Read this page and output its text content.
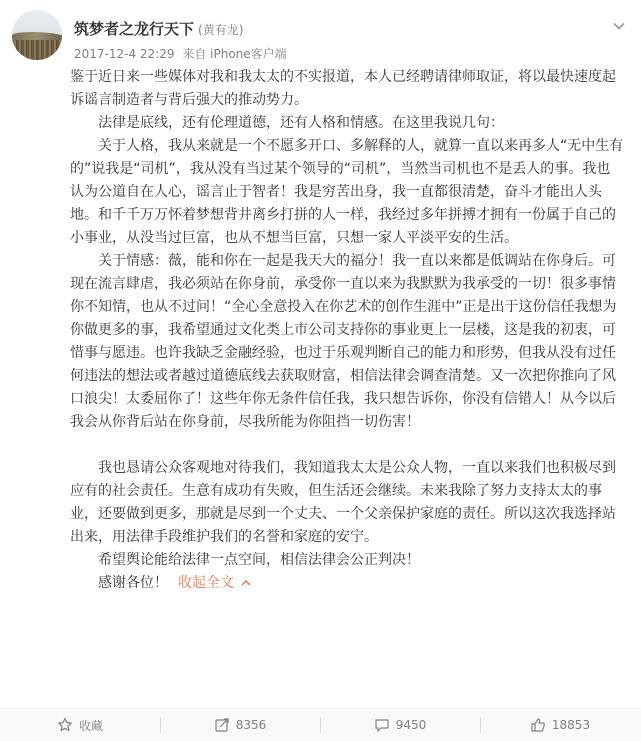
筑梦者之龙行天下 (黄有龙)
2017-12-4 22:29 来自 iPhone客户端

鉴于近日来一些媒体对我和我太太的不实报道，本人已经聘请律师取证，将以最快速度起诉谣言制造者与背后强大的推动势力。

法律是底线，还有伦理道德，还有人格和情感。在这里我说几句：

关于人格，我从来就是一个不愿多开口、多解释的人，就算一直以来再多人“无中生有的”说我是“司机”，我从没有当过某个领导的“司机”，当然当司机也不是丢人的事。我也认为公道自在人心，谣言止于智者！我是穷苦出身，我一直都很清楚，奋斗才能出人头地。和千千万万怀着梦想背井离乡打拼的人一样，我经过多年拼搏才拥有一份属于自己的小事业，从没当过巨富，也从不想当巨富，只想一家人平淡平安的生活。

关于情感：薇，能和你在一起是我天大的福分！我一直以来都是低调站在你身后。可现在流言肆虐，我必须站在你身前，承受你一直以来为我默默为我承受的一切！很多事情你不知情，也从不过问！“全心全意投入在你艺术的创作生涯中”正是出于这份信任我想为你做更多的事，我希望通过文化类上市公司支持你的事业更上一层楼，这是我的初衷，可惜事与愿违。也许我缺乏金融经验，也过于乐观判断自己的能力和形势，但我从没有过任何违法的想法或者越过道德底线去获取财富，相信法律会调查清楚。又一次把你推向了风口浪尖！太委屈你了！这些年你无条件信任我，我只想告诉你，你没有信错人！从今以后我会从你背后站在你身前，尽我所能为你阻挡一切伤害！

我也恳请公众客观地对待我们，我知道我太太是公众人物，一直以来我们也积极尽到应有的社会责任。生意有成功有失败，但生活还会继续。未来我除了努力支持太太的事业，还要做到更多，那就是尽到一个丈夫、一个父亲保护家庭的责任。所以这次我选择站出来，用法律手段维护我们的名誉和家庭的安宁。

希望舆论能给法律一点空间，相信法律会公正判决！

感谢各位！ 收起全文

收藏	8356	9450	18853
